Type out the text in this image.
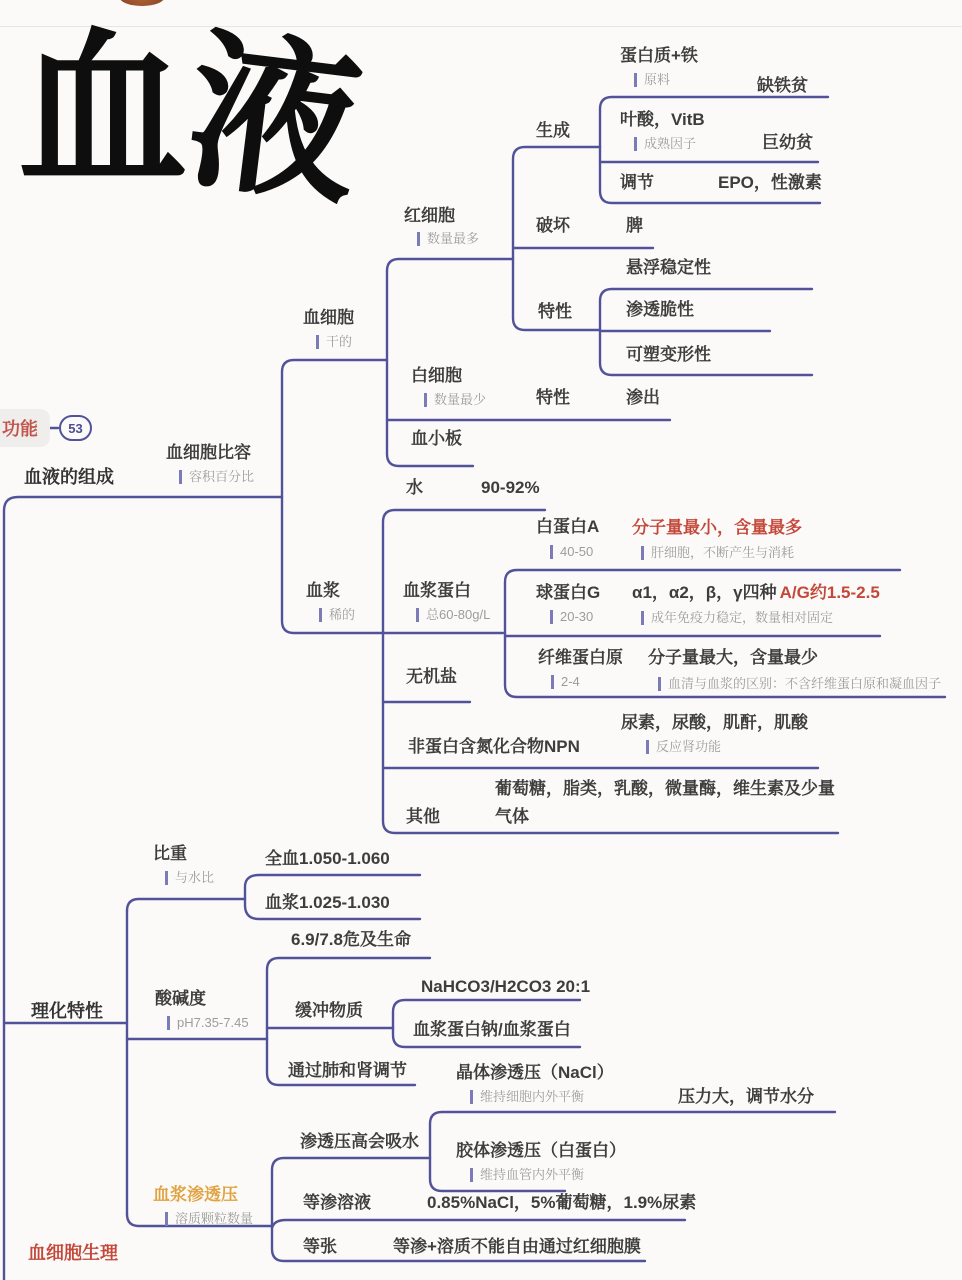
血液
功能	53
血液的组成
血细胞比容
容积百分比
血细胞
干的
红细胞
数量最多
生成
蛋白质+铁
原料	缺铁贫
叶酸，VitB
成熟因子	巨幼贫
调节	EPO，性激素
破坏	脾
特性
悬浮稳定性
渗透脆性
可塑变形性
白细胞
数量最少	特性	渗出
血小板
水	90-92%
血浆
稀的
血浆蛋白
总60-80g/L
白蛋白A
40-50
分子量最小，含量最多
肝细胞，不断产生与消耗
球蛋白G
20-30
α1，α2，β，γ四种 A/G约1.5-2.5
成年免疫力稳定，数量相对固定
纤维蛋白原
2-4
分子量最大，含量最少
血清与血浆的区别：不含纤维蛋白原和凝血因子
无机盐
非蛋白含氮化合物NPN
尿素，尿酸，肌酐，肌酸
反应肾功能
其他
葡萄糖，脂类，乳酸，微量酶，维生素及少量
气体
理化特性
比重
与水比
全血1.050-1.060
血浆1.025-1.030
酸碱度
pH7.35-7.45
6.9/7.8危及生命
缓冲物质
NaHCO3/H2CO3 20:1
血浆蛋白钠/血浆蛋白
通过肺和肾调节	晶体渗透压（NaCl）
维持细胞内外平衡	压力大，调节水分
渗透压高会吸水 胶体渗透压（白蛋白）
维持血管内外平衡
血浆渗透压
溶质颗粒数量
等渗溶液	0.85%NaCl，5%葡萄糖，1.9%尿素
等张	等渗+溶质不能自由通过红细胞膜
血细胞生理
